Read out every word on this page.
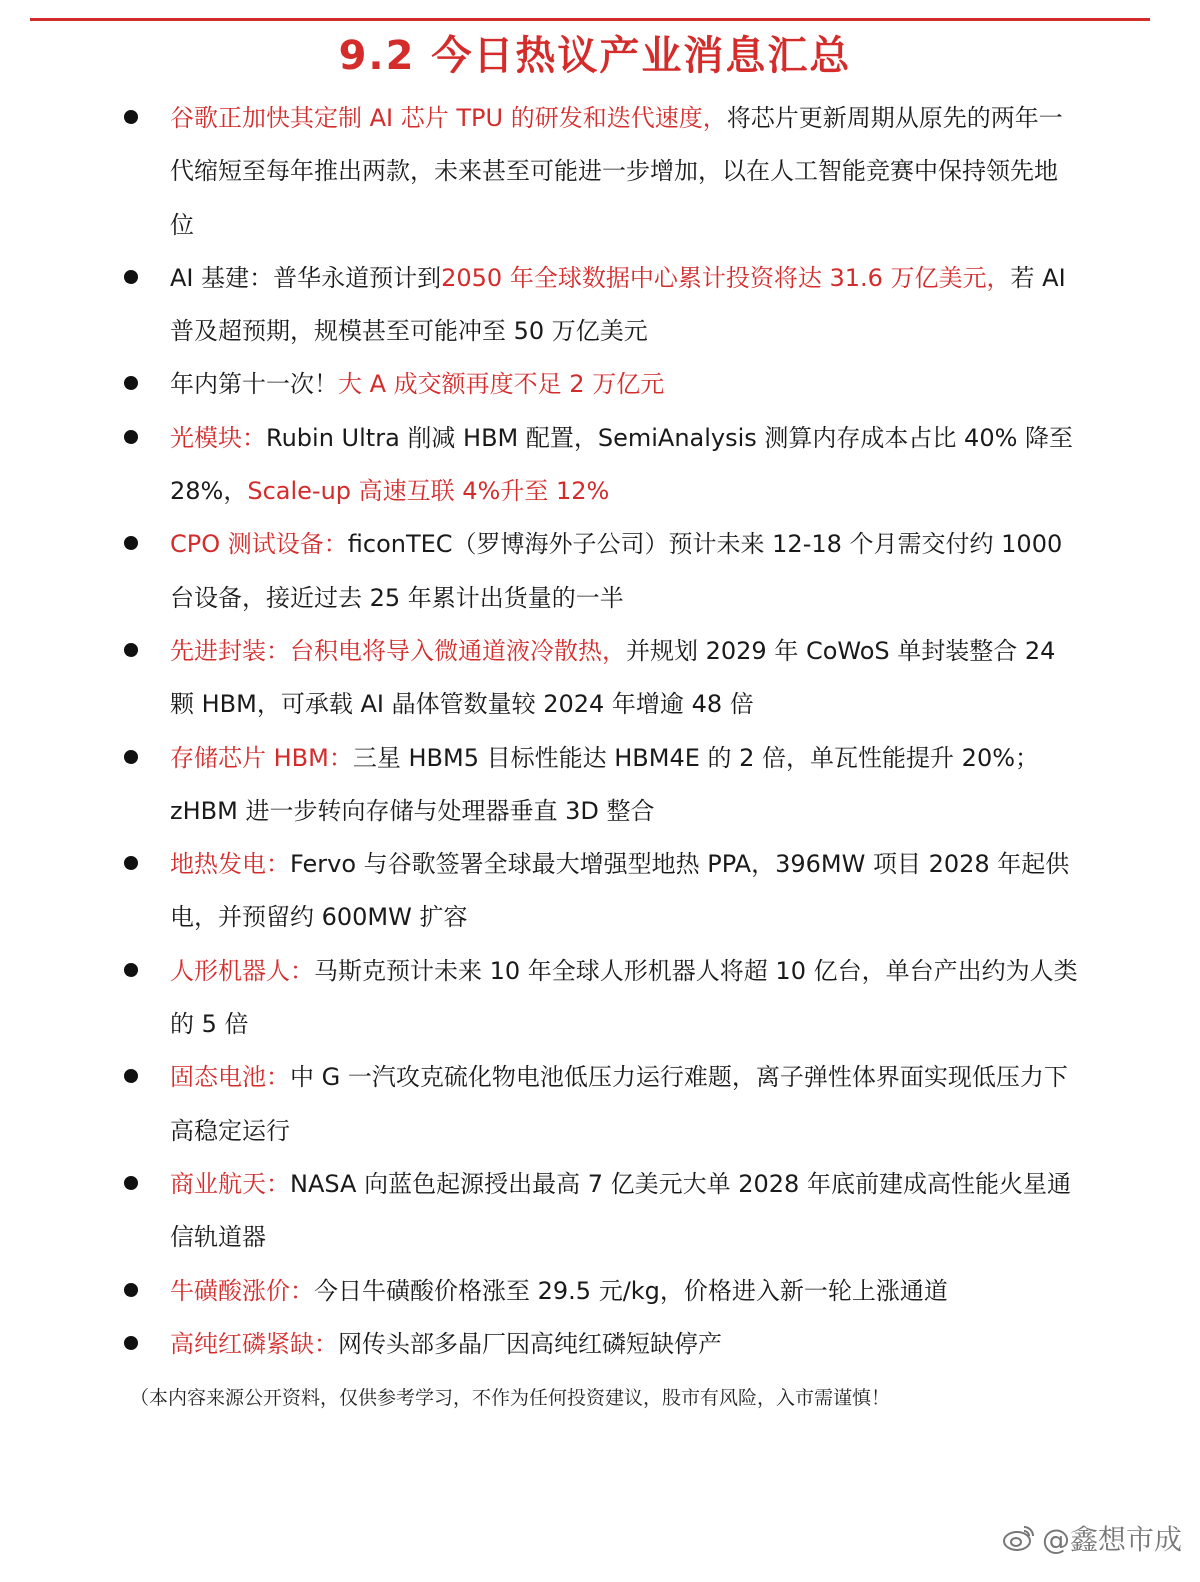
9.2 今日热议产业消息汇总
谷歌正加快其定制 AI 芯片 TPU 的研发和迭代速度，将芯片更新周期从原先的两年一代缩短至每年推出两款，未来甚至可能进一步增加，以在人工智能竞赛中保持领先地位
AI 基建：普华永道预计到2050 年全球数据中心累计投资将达 31.6 万亿美元，若 AI 普及超预期，规模甚至可能冲至 50 万亿美元
年内第十一次！大 A 成交额再度不足 2 万亿元
光模块：Rubin Ultra 削减 HBM 配置，SemiAnalysis 测算内存成本占比 40% 降至 28%，Scale-up 高速互联 4%升至 12%
CPO 测试设备：ficonTEC（罗博海外子公司）预计未来 12-18 个月需交付约 1000 台设备，接近过去 25 年累计出货量的一半
先进封装：台积电将导入微通道液冷散热，并规划 2029 年 CoWoS 单封装整合 24 颗 HBM，可承载 AI 晶体管数量较 2024 年增逾 48 倍
存储芯片 HBM：三星 HBM5 目标性能达 HBM4E 的 2 倍，单瓦性能提升 20%；zHBM 进一步转向存储与处理器垂直 3D 整合
地热发电：Fervo 与谷歌签署全球最大增强型地热 PPA，396MW 项目 2028 年起供电，并预留约 600MW 扩容
人形机器人：马斯克预计未来 10 年全球人形机器人将超 10 亿台，单台产出约为人类的 5 倍
固态电池：中 G 一汽攻克硫化物电池低压力运行难题，离子弹性体界面实现低压力下高稳定运行
商业航天：NASA 向蓝色起源授出最高 7 亿美元大单 2028 年底前建成高性能火星通信轨道器
牛磺酸涨价：今日牛磺酸价格涨至 29.5 元/kg，价格进入新一轮上涨通道
高纯红磷紧缺：网传头部多晶厂因高纯红磷短缺停产
（本内容来源公开资料，仅供参考学习，不作为任何投资建议，股市有风险，入市需谨慎！
@鑫想市成
